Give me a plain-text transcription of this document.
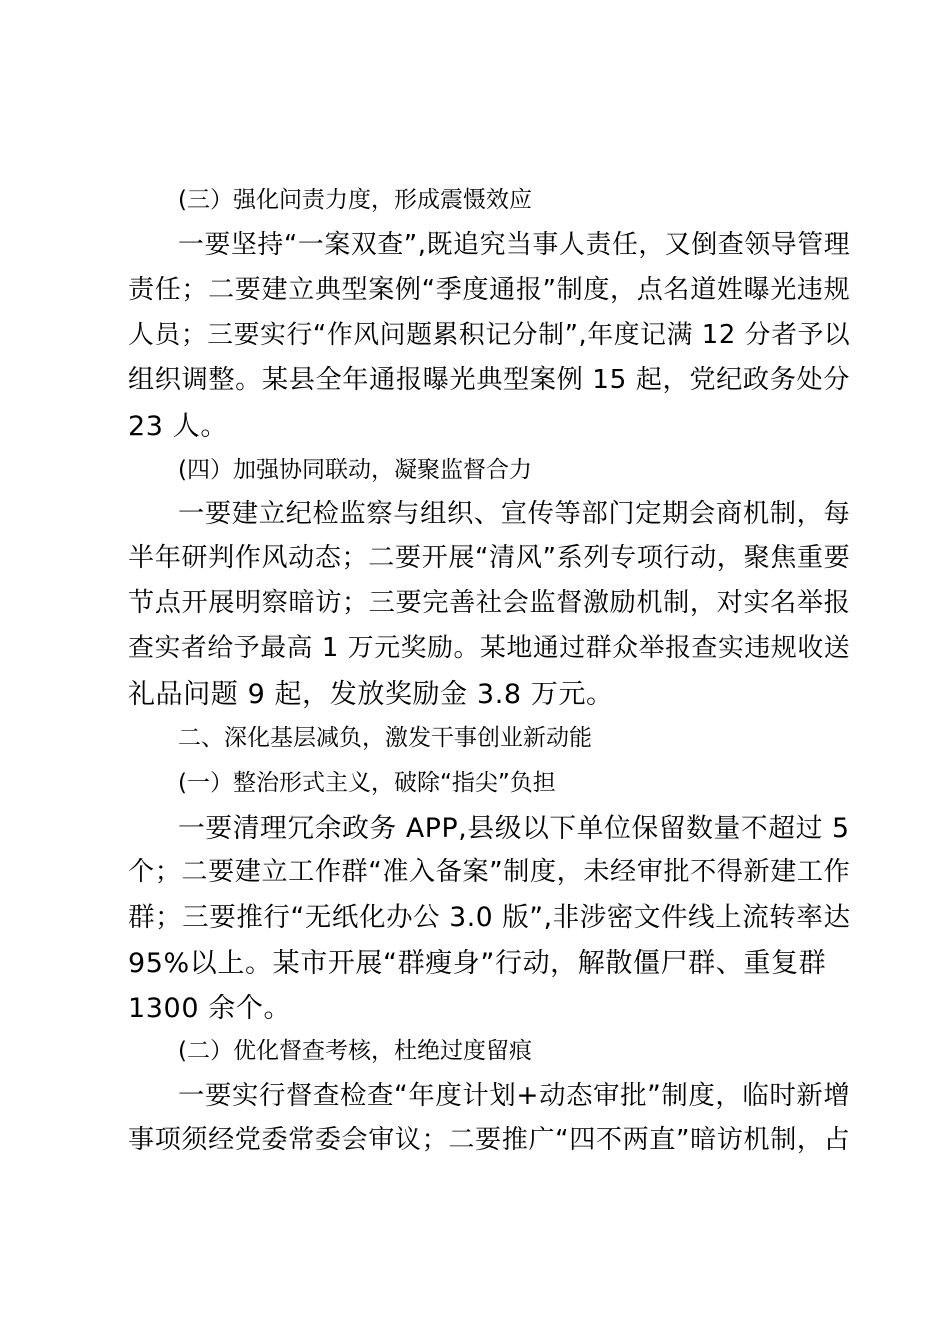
(三）强化问责力度，形成震慑效应
一要坚持“一案双查”,既追究当事人责任，又倒查领导管理
责任；二要建立典型案例“季度通报”制度，点名道姓曝光违规
人员；三要实行“作风问题累积记分制”,年度记满 12 分者予以
组织调整。某县全年通报曝光典型案例 15 起，党纪政务处分
23 人。
(四）加强协同联动，凝聚监督合力
一要建立纪检监察与组织、宣传等部门定期会商机制，每
半年研判作风动态；二要开展“清风”系列专项行动，聚焦重要
节点开展明察暗访；三要完善社会监督激励机制，对实名举报
查实者给予最高 1 万元奖励。某地通过群众举报查实违规收送
礼品问题 9 起，发放奖励金 3.8 万元。
二、深化基层减负，激发干事创业新动能
(一）整治形式主义，破除“指尖”负担
一要清理冗余政务 APP,县级以下单位保留数量不超过 5
个；二要建立工作群“准入备案”制度，未经审批不得新建工作
群；三要推行“无纸化办公 3.0 版”,非涉密文件线上流转率达
95%以上。某市开展“群瘦身”行动，解散僵尸群、重复群
1300 余个。
(二）优化督查考核，杜绝过度留痕
一要实行督查检查“年度计划+动态审批”制度，临时新增
事项须经党委常委会审议；二要推广“四不两直”暗访机制，占
